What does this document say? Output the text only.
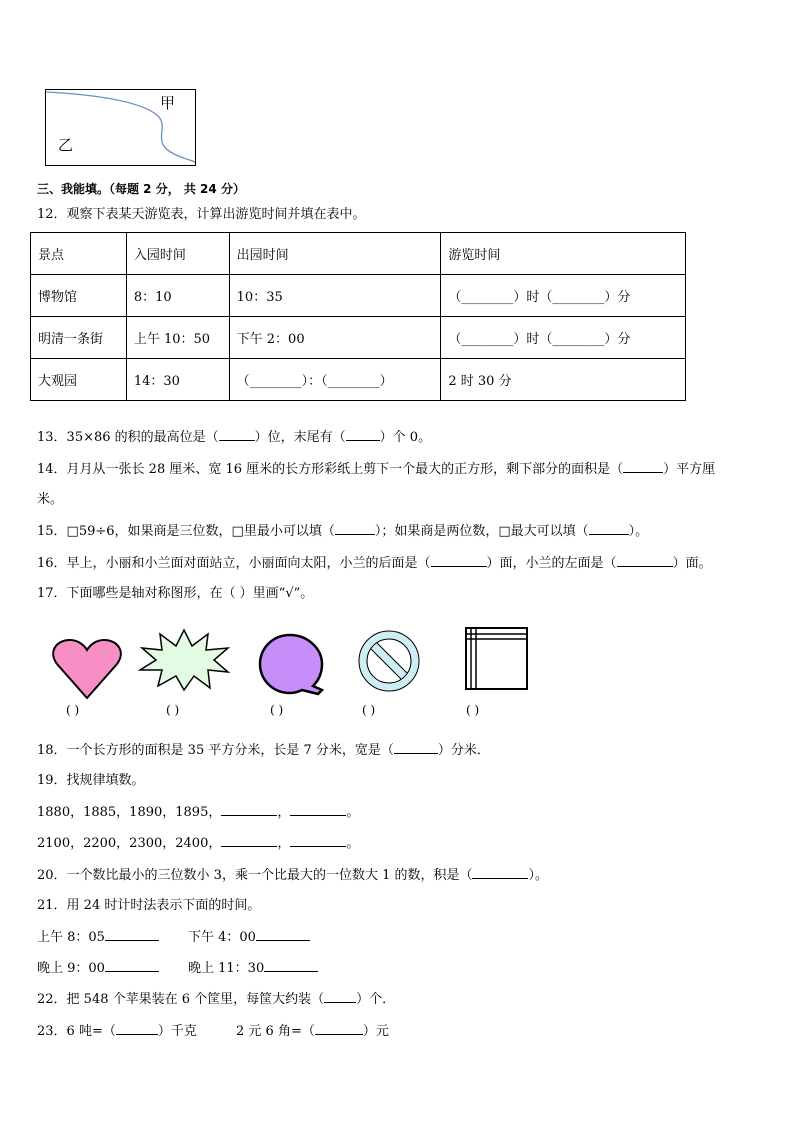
甲
乙
三、我能填。（每题 2 分， 共 24 分）
12．观察下表某天游览表，计算出游览时间并填在表中。
景点	入园时间	出园时间	游览时间
博物馆	8：10	10：35	（________）时（________）分
明清一条街	上午 10：50	下午 2：00	（________）时（________）分
大观园	14：30	（________）：（________）	2 时 30 分
13．35×86 的积的最高位是（	）位，末尾有（	）个 0。
14．月月从一张长 28 厘米、宽 16 厘米的长方形彩纸上剪下一个最大的正方形，剩下部分的面积是（	）平方厘
米。
15．□59÷6，如果商是三位数，□里最小可以填（	）；如果商是两位数，□最大可以填（	）。
16．早上，小丽和小兰面对面站立，小丽面向太阳，小兰的后面是（	）面，小兰的左面是（	）面。
17．下面哪些是轴对称图形，在（ ）里画“√”。
( )	( )	( )	( )	( )
18．一个长方形的面积是 35 平方分米，长是 7 分米，宽是（	）分米．
19．找规律填数。
1880，1885，1890，1895，	，	。
2100，2200，2300，2400，	，	。
20．一个数比最小的三位数小 3，乘一个比最大的一位数大 1 的数，积是（	）。
21．用 24 时计时法表示下面的时间。
上午 8：05	下午 4：00
晚上 9：00	晚上 11：30
22．把 548 个苹果装在 6 个筐里，每筐大约装（ ）个．
23．6 吨=（	）千克	2 元 6 角=（	）元
